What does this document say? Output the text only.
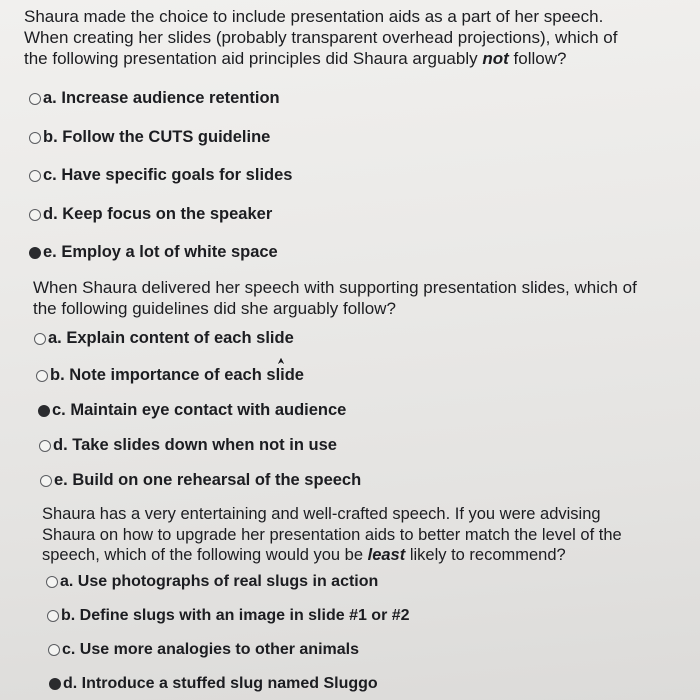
Shaura made the choice to include presentation aids as a part of her speech.
When creating her slides (probably transparent overhead projections), which of
the following presentation aid principles did Shaura arguably not follow?
a.
Increase audience retention
b.
Follow the CUTS guideline
c.
Have specific goals for slides
d.
Keep focus on the speaker
e.
Employ a lot of white space
When Shaura delivered her speech with supporting presentation slides, which of
the following guidelines did she arguably follow?
a.
Explain content of each slide
b.
Note importance of each slide
c.
Maintain eye contact with audience
d.
Take slides down when not in use
e.
Build on one rehearsal of the speech
Shaura has a very entertaining and well-crafted speech. If you were advising
Shaura on how to upgrade her presentation aids to better match the level of the
speech, which of the following would you be least likely to recommend?
a.
Use photographs of real slugs in action
b.
Define slugs with an image in slide #1 or #2
c.
Use more analogies to other animals
d.
Introduce a stuffed slug named Sluggo
